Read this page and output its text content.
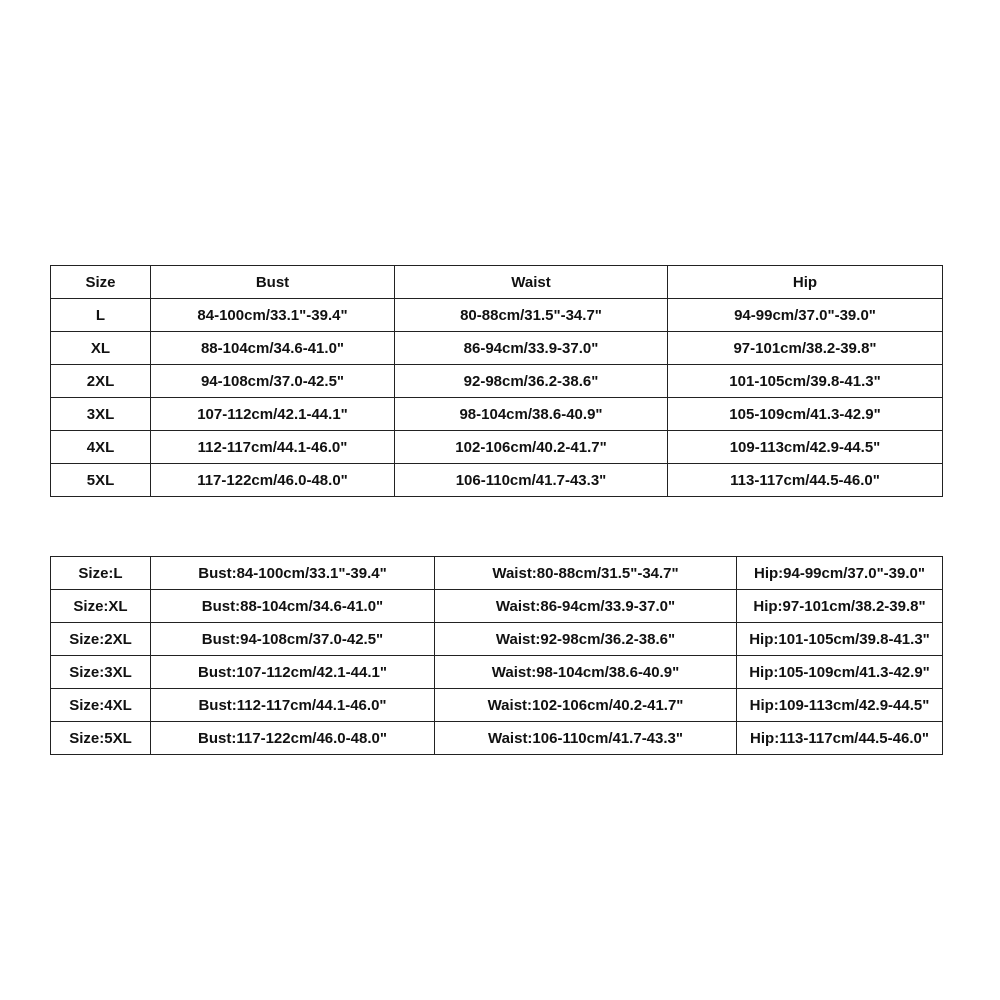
Size	Bust	Waist	Hip
L	84-100cm/33.1"-39.4"	80-88cm/31.5"-34.7"	94-99cm/37.0"-39.0"
XL	88-104cm/34.6-41.0"	86-94cm/33.9-37.0"	97-101cm/38.2-39.8"
2XL	94-108cm/37.0-42.5"	92-98cm/36.2-38.6"	101-105cm/39.8-41.3"
3XL	107-112cm/42.1-44.1"	98-104cm/38.6-40.9"	105-109cm/41.3-42.9"
4XL	112-117cm/44.1-46.0"	102-106cm/40.2-41.7"	109-113cm/42.9-44.5"
5XL	117-122cm/46.0-48.0"	106-110cm/41.7-43.3"	113-117cm/44.5-46.0"
Size:L	Bust:84-100cm/33.1"-39.4"	Waist:80-88cm/31.5"-34.7"	Hip:94-99cm/37.0"-39.0"
Size:XL	Bust:88-104cm/34.6-41.0"	Waist:86-94cm/33.9-37.0"	Hip:97-101cm/38.2-39.8"
Size:2XL	Bust:94-108cm/37.0-42.5"	Waist:92-98cm/36.2-38.6"	Hip:101-105cm/39.8-41.3"
Size:3XL	Bust:107-112cm/42.1-44.1"	Waist:98-104cm/38.6-40.9"	Hip:105-109cm/41.3-42.9"
Size:4XL	Bust:112-117cm/44.1-46.0"	Waist:102-106cm/40.2-41.7"	Hip:109-113cm/42.9-44.5"
Size:5XL	Bust:117-122cm/46.0-48.0"	Waist:106-110cm/41.7-43.3"	Hip:113-117cm/44.5-46.0"
